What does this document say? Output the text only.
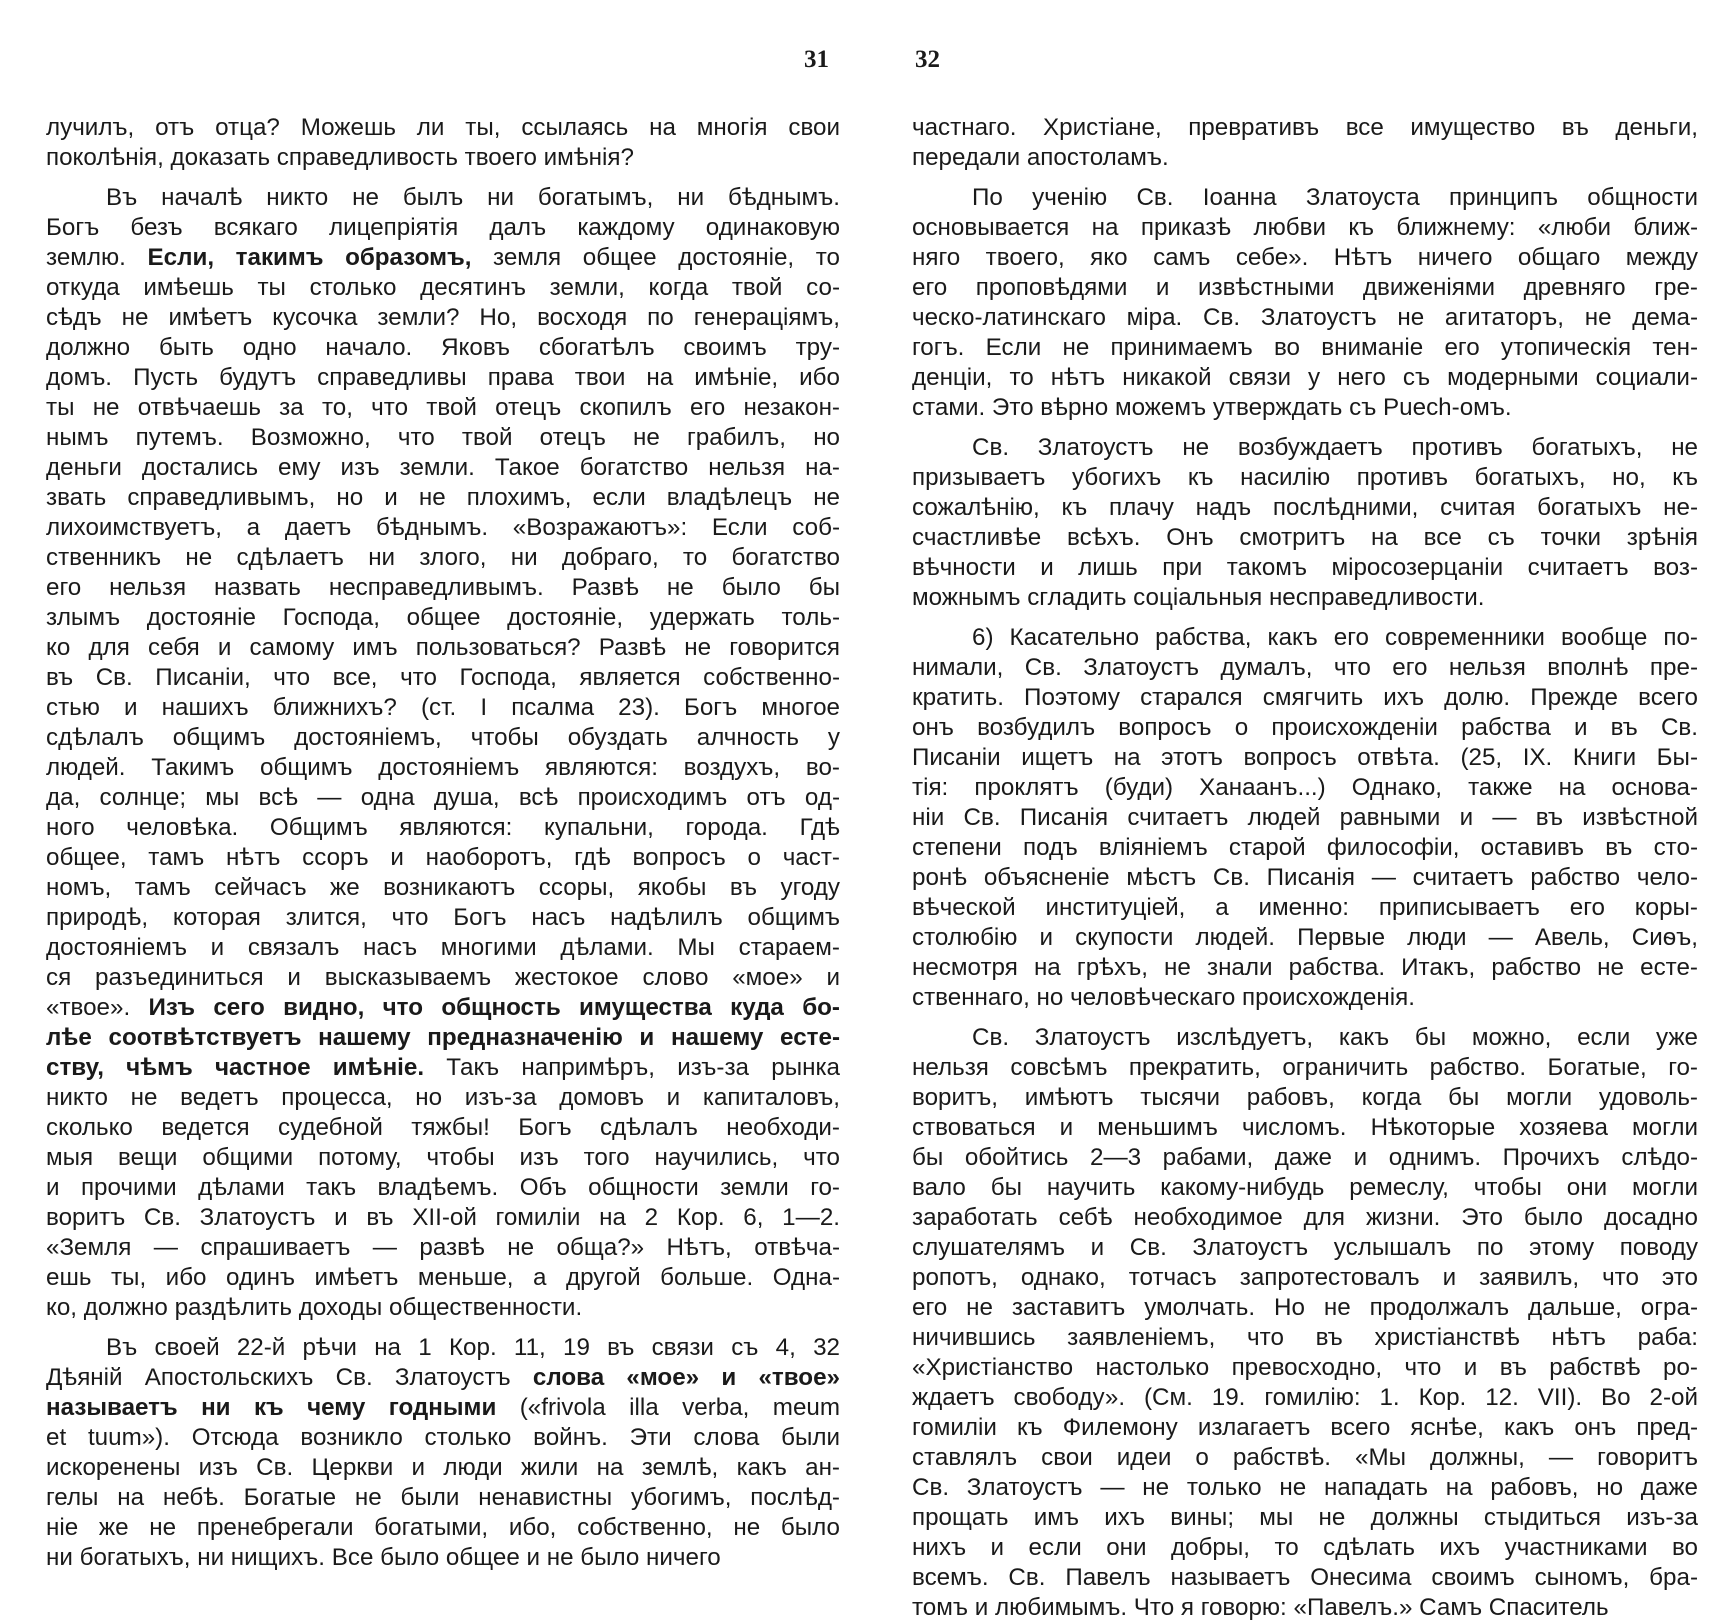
31	32

лучилъ, отъ отца? Можешь ли ты, ссылаясь на многія свои
поколѣнія, доказать справедливость твоего имѣнія?

Въ началѣ никто не былъ ни богатымъ, ни бѣднымъ.
Богъ безъ всякаго лицепріятія далъ каждому одинаковую
землю. Если, такимъ образомъ, земля общее достояніе, то
откуда имѣешь ты столько десятинъ земли, когда твой со-
сѣдъ не имѣетъ кусочка земли? Но, восходя по генераціямъ,
должно быть одно начало. Яковъ сбогатѣлъ своимъ тру-
домъ. Пусть будутъ справедливы права твои на имѣніе, ибо
ты не отвѣчаешь за то, что твой отецъ скопилъ его незакон-
нымъ путемъ. Возможно, что твой отецъ не грабилъ, но
деньги достались ему изъ земли. Такое богатство нельзя на-
звать справедливымъ, но и не плохимъ, если владѣлецъ не
лихоимствуетъ, а даетъ бѣднымъ. «Возражаютъ»: Если соб-
ственникъ не сдѣлаетъ ни злого, ни добраго, то богатство
его нельзя назвать несправедливымъ. Развѣ не было бы
злымъ достояніе Господа, общее достояніе, удержать толь-
ко для себя и самому имъ пользоваться? Развѣ не говорится
въ Св. Писаніи, что все, что Господа, является собственно-
стью и нашихъ ближнихъ? (ст. I псалма 23). Богъ многое
сдѣлалъ общимъ достояніемъ, чтобы обуздать алчность у
людей. Такимъ общимъ достояніемъ являются: воздухъ, во-
да, солнце; мы всѣ — одна душа, всѣ происходимъ отъ од-
ного человѣка. Общимъ являются: купальни, города. Гдѣ
общее, тамъ нѣтъ ссоръ и наоборотъ, гдѣ вопросъ о част-
номъ, тамъ сейчасъ же возникаютъ ссоры, якобы въ угоду
природѣ, которая злится, что Богъ насъ надѣлилъ общимъ
достояніемъ и связалъ насъ многими дѣлами. Мы стараем-
ся разъединиться и высказываемъ жестокое слово «мое» и
«твое». Изъ сего видно, что общность имущества куда бо-
лѣе соотвѣтствуетъ нашему предназначенію и нашему есте-
ству, чѣмъ частное имѣніе. Такъ напримѣръ, изъ-за рынка
никто не ведетъ процесса, но изъ-за домовъ и капиталовъ,
сколько ведется судебной тяжбы! Богъ сдѣлалъ необходи-
мыя вещи общими потому, чтобы изъ того научились, что
и прочими дѣлами такъ владѣемъ. Объ общности земли го-
воритъ Св. Златоустъ и въ XII-ой гомиліи на 2 Кор. 6, 1—2.
«Земля — спрашиваетъ — развѣ не обща?» Нѣтъ, отвѣча-
ешь ты, ибо одинъ имѣетъ меньше, а другой больше. Одна-
ко, должно раздѣлить доходы общественности.

Въ своей 22-й рѣчи на 1 Кор. 11, 19 въ связи съ 4, 32
Дѣяній Апостольскихъ Св. Златоустъ слова «мое» и «твое»
называетъ ни къ чему годными («frivola illa verba, meum
et tuum»). Отсюда возникло столько войнъ. Эти слова были
искоренены изъ Св. Церкви и люди жили на землѣ, какъ ан-
гелы на небѣ. Богатые не были ненавистны убогимъ, послѣд-
ніе же не пренебрегали богатыми, ибо, собственно, не было
ни богатыхъ, ни нищихъ. Все было общее и не было ничего

частнаго. Христіане, превративъ все имущество въ деньги,
передали апостоламъ.

По ученію Св. Іоанна Златоуста принципъ общности
основывается на приказѣ любви къ ближнему: «люби ближ-
няго твоего, яко самъ себе». Нѣтъ ничего общаго между
его проповѣдями и извѣстными движеніями древняго гре-
ческо-латинскаго міра. Св. Златоустъ не агитаторъ, не дема-
гогъ. Если не принимаемъ во вниманіе его утопическія тен-
денціи, то нѣтъ никакой связи у него съ модерными социали-
стами. Это вѣрно можемъ утверждать съ Puech-омъ.

Св. Златоустъ не возбуждаетъ противъ богатыхъ, не
призываетъ убогихъ къ насилію противъ богатыхъ, но, къ
сожалѣнію, къ плачу надъ послѣдними, считая богатыхъ не-
счастливѣе всѣхъ. Онъ смотритъ на все съ точки зрѣнія
вѣчности и лишь при такомъ міросозерцаніи считаетъ воз-
можнымъ сгладить соціальныя несправедливости.

6) Касательно рабства, какъ его современники вообще по-
нимали, Св. Златоустъ думалъ, что его нельзя вполнѣ пре-
кратить. Поэтому старался смягчить ихъ долю. Прежде всего
онъ возбудилъ вопросъ о происхожденіи рабства и въ Св.
Писаніи ищетъ на этотъ вопросъ отвѣта. (25, IX. Книги Бы-
тія: проклятъ (буди) Ханаанъ...) Однако, также на основа-
ніи Св. Писанія считаетъ людей равными и — въ извѣстной
степени подъ вліяніемъ старой философіи, оставивъ въ сто-
ронѣ объясненіе мѣстъ Св. Писанія — считаетъ рабство чело-
вѣческой институціей, а именно: приписываетъ его коры-
столюбію и скупости людей. Первые люди — Авель, Сиѳъ,
несмотря на грѣхъ, не знали рабства. Итакъ, рабство не есте-
ственнаго, но человѣческаго происхожденія.

Св. Златоустъ изслѣдуетъ, какъ бы можно, если уже
нельзя совсѣмъ прекратить, ограничить рабство. Богатые, го-
воритъ, имѣютъ тысячи рабовъ, когда бы могли удоволь-
ствоваться и меньшимъ числомъ. Нѣкоторые хозяева могли
бы обойтись 2—3 рабами, даже и однимъ. Прочихъ слѣдо-
вало бы научить какому-нибудь ремеслу, чтобы они могли
заработать себѣ необходимое для жизни. Это было досадно
слушателямъ и Св. Златоустъ услышалъ по этому поводу
ропотъ, однако, тотчасъ запротестовалъ и заявилъ, что это
его не заставитъ умолчать. Но не продолжалъ дальше, огра-
ничившись заявленіемъ, что въ христіанствѣ нѣтъ раба:
«Христіанство настолько превосходно, что и въ рабствѣ ро-
ждаетъ свободу». (См. 19. гомилію: 1. Кор. 12. VII). Во 2-ой
гомиліи къ Филемону излагаетъ всего яснѣе, какъ онъ пред-
ставлялъ свои идеи о рабствѣ. «Мы должны, — говоритъ
Св. Златоустъ — не только не нападать на рабовъ, но даже
прощать имъ ихъ вины; мы не должны стыдиться изъ-за
нихъ и если они добры, то сдѣлать ихъ участниками во
всемъ. Св. Павелъ называетъ Онесима своимъ сыномъ, бра-
томъ и любимымъ. Что я говорю: «Павелъ.» Самъ Спаситель
